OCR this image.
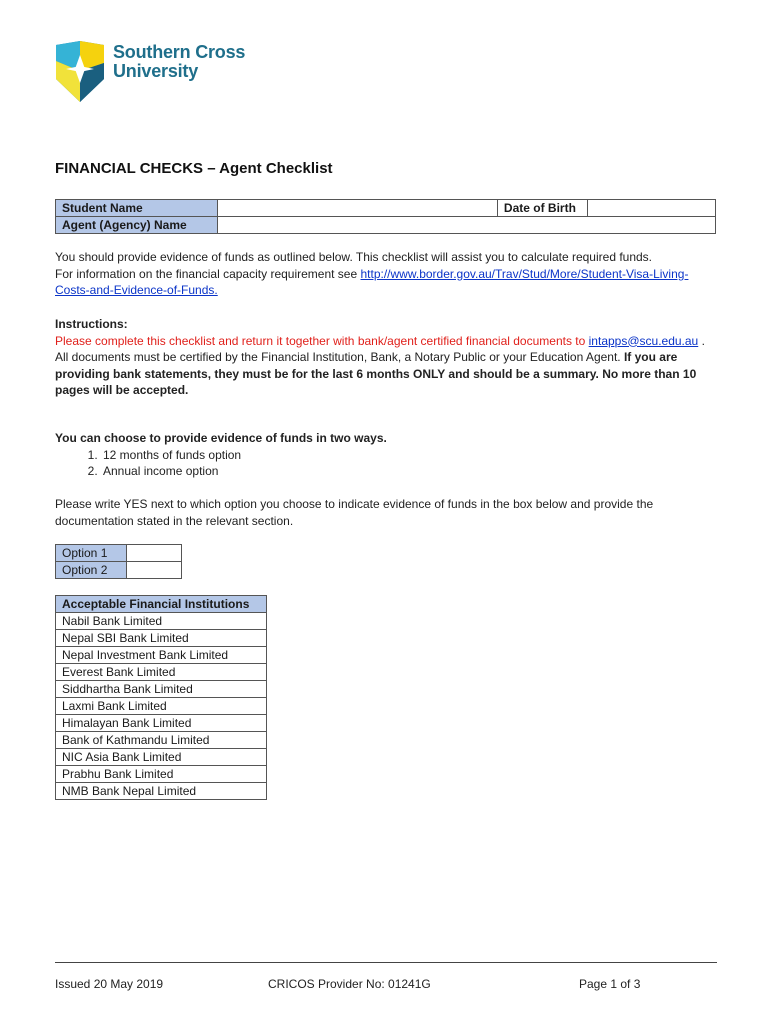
Southern Cross
University
FINANCIAL CHECKS – Agent Checklist
Student Name		Date of Birth	
Agent (Agency) Name			
You should provide evidence of funds as outlined below. This checklist will assist you to calculate required funds.
For information on the financial capacity requirement see http://www.border.gov.au/Trav/Stud/More/Student-Visa-Living-Costs-and-Evidence-of-Funds.
Instructions:
Please complete this checklist and return it together with bank/agent certified financial documents to intapps@scu.edu.au . All documents must be certified by the Financial Institution, Bank, a Notary Public or your Education Agent. If you are providing bank statements, they must be for the last 6 months ONLY and should be a summary. No more than 10 pages will be accepted.
You can choose to provide evidence of funds in two ways.
1. 12 months of funds option
2. Annual income option
Please write YES next to which option you choose to indicate evidence of funds in the box below and provide the documentation stated in the relevant section.
Option 1	
Option 2	
Acceptable Financial Institutions
Nabil Bank Limited
Nepal SBI Bank Limited
Nepal Investment Bank Limited
Everest Bank Limited
Siddhartha Bank Limited
Laxmi Bank Limited
Himalayan Bank Limited
Bank of Kathmandu Limited
NIC Asia Bank Limited
Prabhu Bank Limited
NMB Bank Nepal Limited
Issued 20 May 2019	CRICOS Provider No: 01241G	Page 1 of 3
